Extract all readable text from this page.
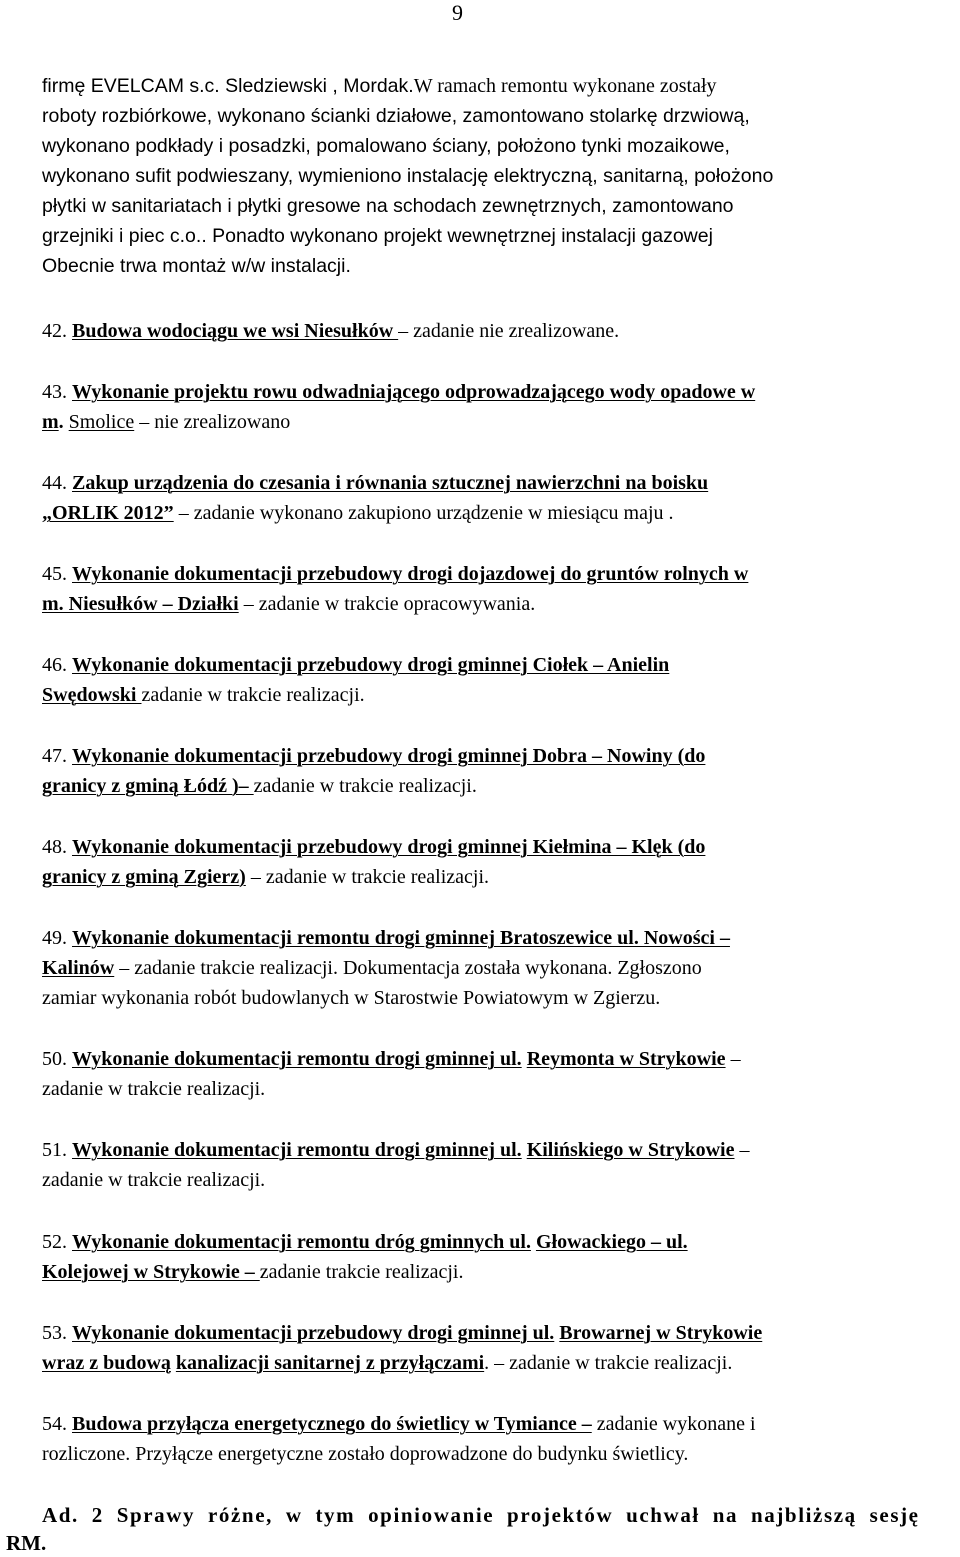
9
firmę EVELCAM s.c. Sledziewski , Mordak.W ramach remontu wykonane zostały
roboty rozbiórkowe, wykonano ścianki działowe, zamontowano stolarkę drzwiową,
wykonano podkłady i posadzki, pomalowano ściany, położono tynki mozaikowe,
wykonano sufit podwieszany, wymieniono instalację elektryczną, sanitarną, położono
płytki w sanitariatach i płytki gresowe na schodach zewnętrznych, zamontowano
grzejniki i piec c.o.. Ponadto wykonano projekt wewnętrznej instalacji gazowej
Obecnie trwa montaż w/w instalacji.
42. Budowa wodociągu we wsi Niesułków – zadanie nie zrealizowane.
43. Wykonanie projektu rowu odwadniającego odprowadzającego wody opadowe w
m. Smolice – nie zrealizowano
44. Zakup urządzenia do czesania i równania sztucznej nawierzchni na boisku
„ORLIK 2012” – zadanie wykonano zakupiono urządzenie w miesiącu maju .
45. Wykonanie dokumentacji przebudowy drogi dojazdowej do gruntów rolnych w
m. Niesułków – Działki – zadanie w trakcie opracowywania.
46. Wykonanie dokumentacji przebudowy drogi gminnej Ciołek – Anielin
Swędowski zadanie w trakcie realizacji.
47. Wykonanie dokumentacji przebudowy drogi gminnej Dobra – Nowiny (do
granicy z gminą Łódź )– zadanie w trakcie realizacji.
48. Wykonanie dokumentacji przebudowy drogi gminnej Kiełmina – Klęk (do
granicy z gminą Zgierz) – zadanie w trakcie realizacji.
49. Wykonanie dokumentacji remontu drogi gminnej Bratoszewice ul. Nowości –
Kalinów – zadanie trakcie realizacji. Dokumentacja została wykonana. Zgłoszono
zamiar wykonania robót budowlanych w Starostwie Powiatowym w Zgierzu.
50. Wykonanie dokumentacji remontu drogi gminnej ul. Reymonta w Strykowie –
zadanie w trakcie realizacji.
51. Wykonanie dokumentacji remontu drogi gminnej ul. Kilińskiego w Strykowie –
zadanie w trakcie realizacji.
52. Wykonanie dokumentacji remontu dróg gminnych ul. Głowackiego – ul.
Kolejowej w Strykowie – zadanie trakcie realizacji.
53. Wykonanie dokumentacji przebudowy drogi gminnej ul. Browarnej w Strykowie
wraz z budową kanalizacji sanitarnej z przyłączami. – zadanie w trakcie realizacji.
54. Budowa przyłącza energetycznego do świetlicy w Tymiance – zadanie wykonane i
rozliczone. Przyłącze energetyczne zostało doprowadzone do budynku świetlicy.
Ad. 2 Sprawy różne, w tym opiniowanie projektów uchwał na najbliższą sesję
RM.
